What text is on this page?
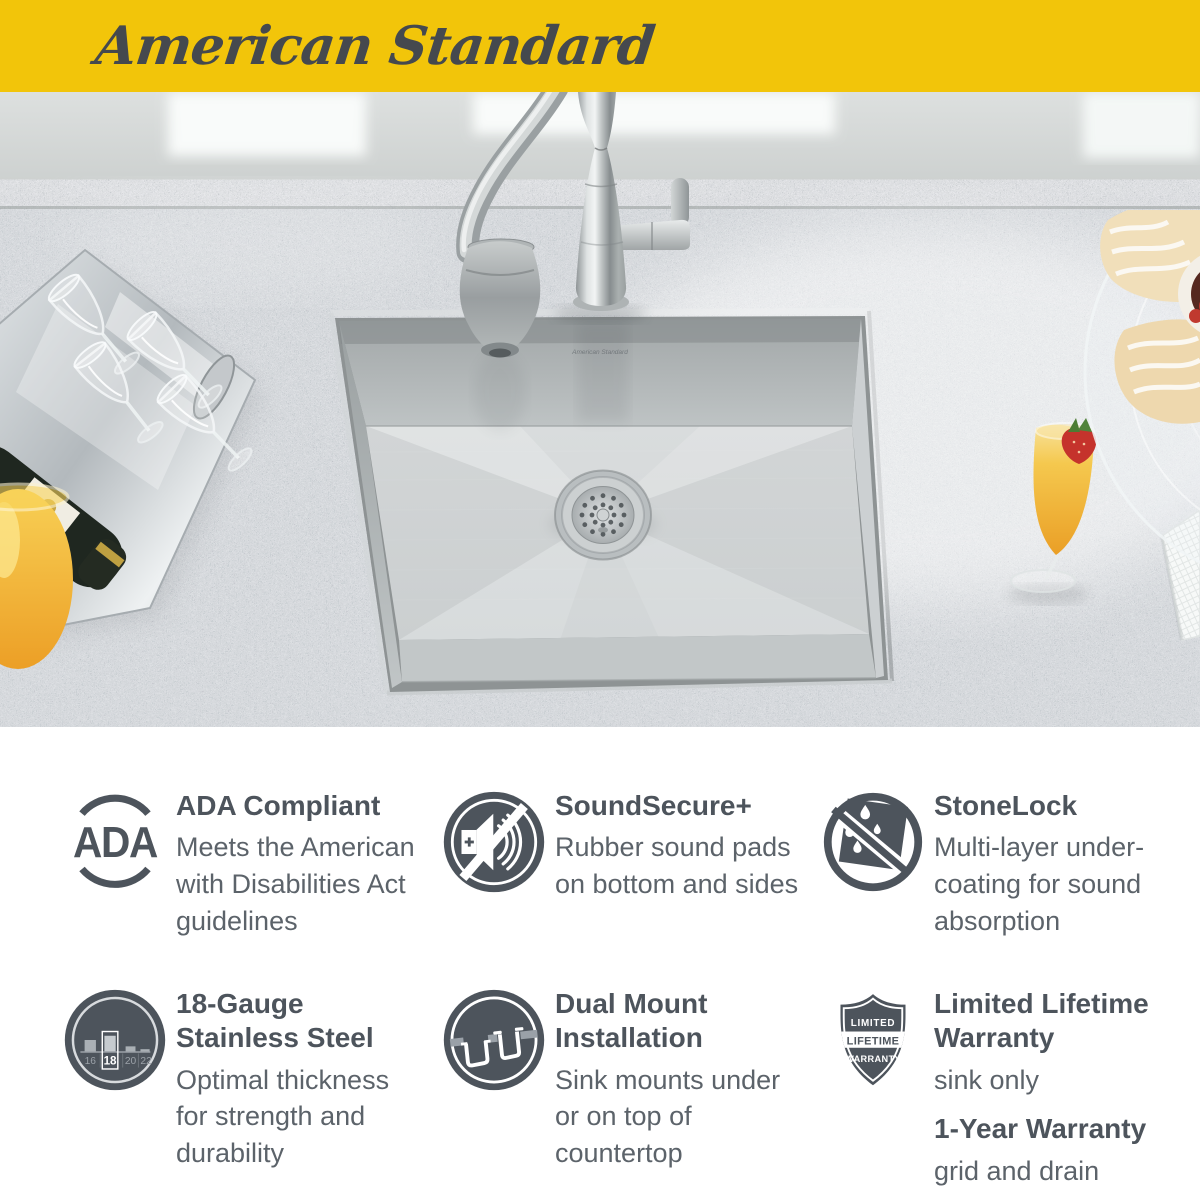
American Standard
American Standard
ADA
ADA Compliant

Meets the American with Disabilities Act guidelines

SoundSecure+

Rubber sound pads on bottom and sides

StoneLock

Multi-layer under-coating for sound absorption

16 18 20 22
18-Gauge Stainless Steel

Optimal thickness for strength and durability

Dual Mount Installation

Sink mounts under or on top of countertop

LIMITED
LIFETIME
WARRANTY
Limited Lifetime Warranty

sink only

1-Year Warranty

grid and drain
